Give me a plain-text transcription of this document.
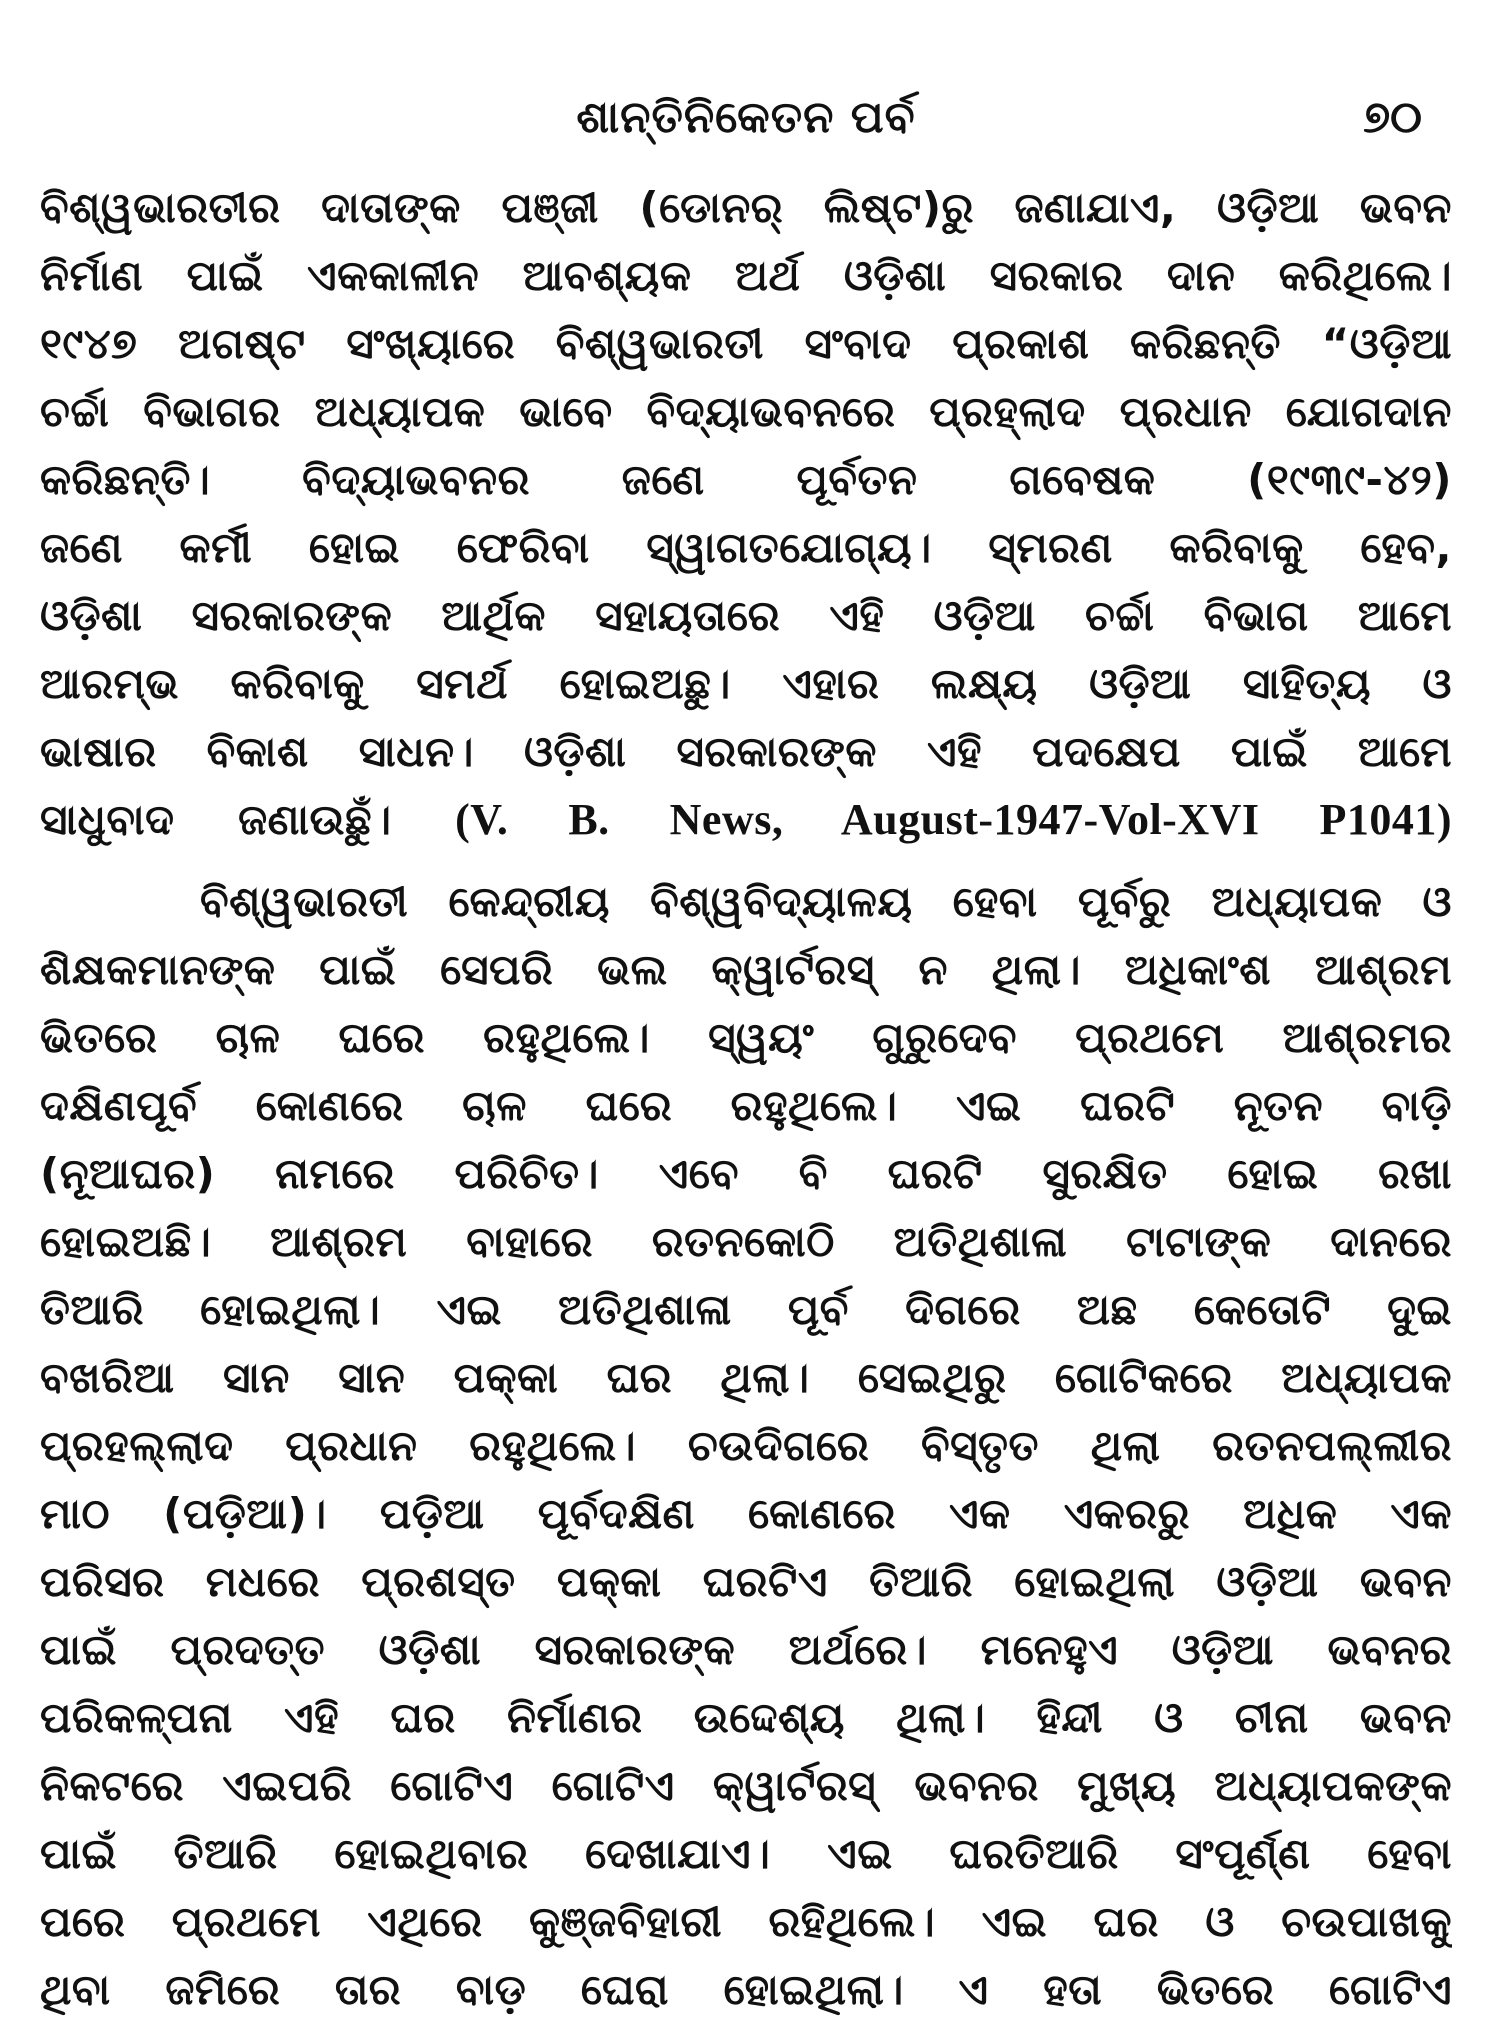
ଶାନ୍ତିନିକେତନ ପର୍ବ	୭୦
ବିଶ୍ୱଭାରତୀର ଦାତାଙ୍କ ପଞ୍ଜୀ (ଡୋନର୍ ଲିଷ୍ଟ)ରୁ ଜଣାଯାଏ, ଓଡ଼ିଆ ଭବନ
ନିର୍ମାଣ ପାଇଁ ଏକକାଳୀନ ଆବଶ୍ୟକ ଅର୍ଥ ଓଡ଼ିଶା ସରକାର ଦାନ କରିଥିଲେ।
୧୯୪୭ ଅଗଷ୍ଟ ସଂଖ୍ୟାରେ ବିଶ୍ୱଭାରତୀ ସଂବାଦ ପ୍ରକାଶ କରିଛନ୍ତି “ଓଡ଼ିଆ
ଚର୍ଚ୍ଚା ବିଭାଗର ଅଧ୍ୟାପକ ଭାବେ ବିଦ୍ୟାଭବନରେ ପ୍ରହ୍ଲାଦ ପ୍ରଧାନ ଯୋଗଦାନ
କରିଛନ୍ତି। ବିଦ୍ୟାଭବନର ଜଣେ ପୂର୍ବତନ ଗବେଷକ (୧୯୩୯-୪୨)
ଜଣେ କର୍ମୀ ହୋଇ ଫେରିବା ସ୍ୱାଗତଯୋଗ୍ୟ। ସ୍ମରଣ କରିବାକୁ ହେବ,
ଓଡ଼ିଶା ସରକାରଙ୍କ ଆର୍ଥିକ ସହାୟତାରେ ଏହି ଓଡ଼ିଆ ଚର୍ଚ୍ଚା ବିଭାଗ ଆମେ
ଆରମ୍ଭ କରିବାକୁ ସମର୍ଥ ହୋଇଅଛୁ। ଏହାର ଲକ୍ଷ୍ୟ ଓଡ଼ିଆ ସାହିତ୍ୟ ଓ
ଭାଷାର ବିକାଶ ସାଧନ। ଓଡ଼ିଶା ସରକାରଙ୍କ ଏହି ପଦକ୍ଷେପ ପାଇଁ ଆମେ
ସାଧୁବାଦ ଜଣାଉଛୁଁ। (V. B. News, August-1947-Vol-XVI P1041)
ବିଶ୍ୱଭାରତୀ କେନ୍ଦ୍ରୀୟ ବିଶ୍ୱବିଦ୍ୟାଳୟ ହେବା ପୂର୍ବରୁ ଅଧ୍ୟାପକ ଓ
ଶିକ୍ଷକମାନଙ୍କ ପାଇଁ ସେପରି ଭଲ କ୍ୱାର୍ଟରସ୍ ନ ଥିଲା। ଅଧିକାଂଶ ଆଶ୍ରମ
ଭିତରେ ଚାଳ ଘରେ ରହୁଥିଲେ। ସ୍ୱୟଂ ଗୁରୁଦେବ ପ୍ରଥମେ ଆଶ୍ରମର
ଦକ୍ଷିଣପୂର୍ବ କୋଣରେ ଚାଳ ଘରେ ରହୁଥିଲେ। ଏଇ ଘରଟି ନୂତନ ବାଡ଼ି
(ନୂଆଘର) ନାମରେ ପରିଚିତ। ଏବେ ବି ଘରଟି ସୁରକ୍ଷିତ ହୋଇ ରଖା
ହୋଇଅଛି। ଆଶ୍ରମ ବାହାରେ ରତନକୋଠି ଅତିଥିଶାଳା ଟାଟାଙ୍କ ଦାନରେ
ତିଆରି ହୋଇଥିଲା। ଏଇ ଅତିଥିଶାଳା ପୂର୍ବ ଦିଗରେ ଅଛ କେତୋଟି ଦୁଇ
ବଖରିଆ ସାନ ସାନ ପକ୍କା ଘର ଥିଲା। ସେଇଥିରୁ ଗୋଟିକରେ ଅଧ୍ୟାପକ
ପ୍ରହଲ୍ଲାଦ ପ୍ରଧାନ ରହୁଥିଲେ। ଚଉଦିଗରେ ବିସ୍ତୃତ ଥିଲା ରତନପଲ୍ଲୀର
ମାଠ (ପଡ଼ିଆ)। ପଡ଼ିଆ ପୂର୍ବଦକ୍ଷିଣ କୋଣରେ ଏକ ଏକରରୁ ଅଧିକ ଏକ
ପରିସର ମଧରେ ପ୍ରଶସ୍ତ ପକ୍କା ଘରଟିଏ ତିଆରି ହୋଇଥିଲା ଓଡ଼ିଆ ଭବନ
ପାଇଁ ପ୍ରଦତ୍ତ ଓଡ଼ିଶା ସରକାରଙ୍କ ଅର୍ଥରେ। ମନେହୁଏ ଓଡ଼ିଆ ଭବନର
ପରିକଳ୍ପନା ଏହି ଘର ନିର୍ମାଣର ଉଦ୍ଦେଶ୍ୟ ଥିଲା। ହିନ୍ଦୀ ଓ ଚୀନା ଭବନ
ନିକଟରେ ଏଇପରି ଗୋଟିଏ ଗୋଟିଏ କ୍ୱାର୍ଟରସ୍ ଭବନର ମୁଖ୍ୟ ଅଧ୍ୟାପକଙ୍କ
ପାଇଁ ତିଆରି ହୋଇଥିବାର ଦେଖାଯାଏ। ଏଇ ଘରତିଆରି ସଂପୂର୍ଣ୍ଣ ହେବା
ପରେ ପ୍ରଥମେ ଏଥିରେ କୁଞ୍ଜବିହାରୀ ରହିଥିଲେ। ଏଇ ଘର ଓ ଚଉପାଖକୁ
ଥିବା ଜମିରେ ତାର ବାଡ଼ ଘେରା ହୋଇଥିଲା। ଏ ହତା ଭିତରେ ଗୋଟିଏ
